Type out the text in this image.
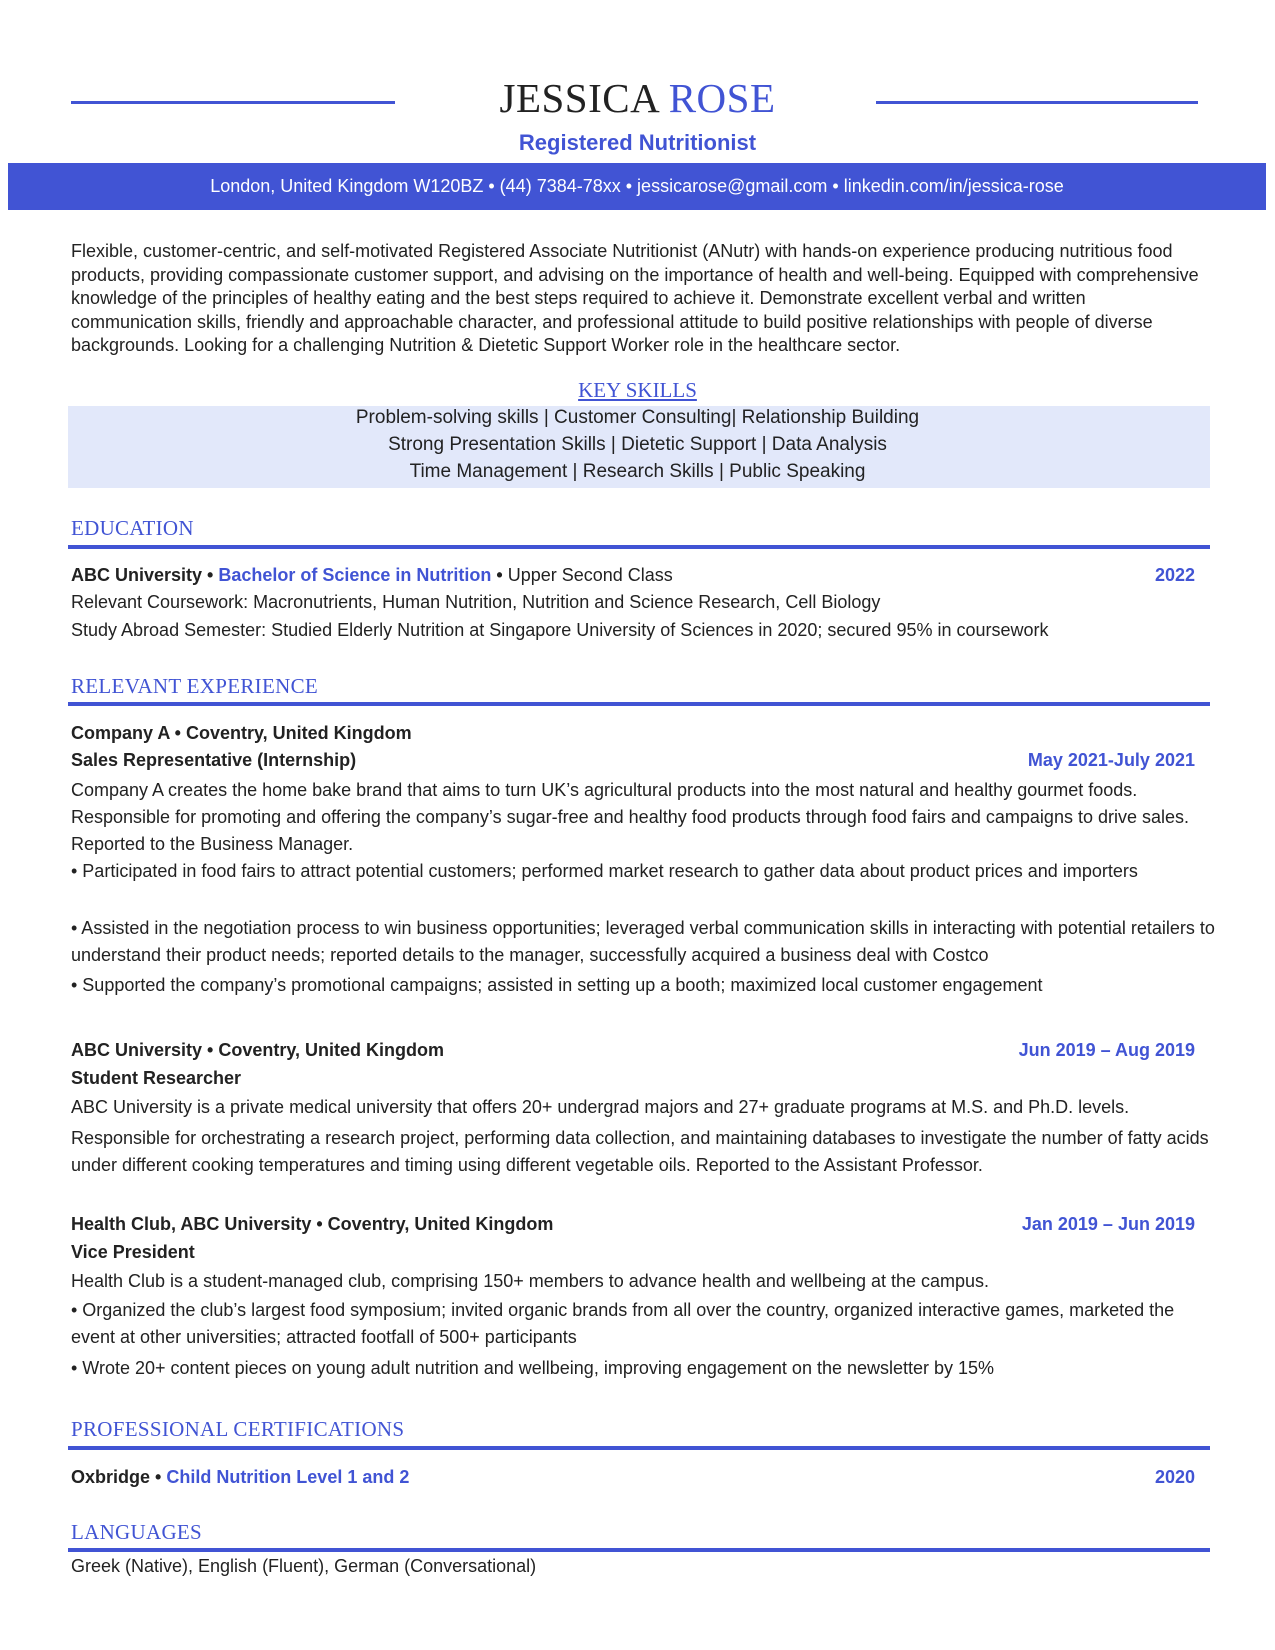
JESSICA ROSE
Registered Nutritionist
London, United Kingdom W120BZ • (44) 7384-78xx • jessicarose@gmail.com • linkedin.com/in/jessica-rose
Flexible, customer-centric, and self-motivated Registered Associate Nutritionist (ANutr) with hands-on experience producing nutritious food products, providing compassionate customer support, and advising on the importance of health and well-being. Equipped with comprehensive knowledge of the principles of healthy eating and the best steps required to achieve it. Demonstrate excellent verbal and written communication skills, friendly and approachable character, and professional attitude to build positive relationships with people of diverse backgrounds. Looking for a challenging Nutrition & Dietetic Support Worker role in the healthcare sector.
KEY SKILLS
Problem-solving skills | Customer Consulting| Relationship Building
Strong Presentation Skills | Dietetic Support | Data Analysis
Time Management | Research Skills | Public Speaking
EDUCATION
ABC University • Bachelor of Science in Nutrition • Upper Second Class	2022
Relevant Coursework: Macronutrients, Human Nutrition, Nutrition and Science Research, Cell Biology
Study Abroad Semester: Studied Elderly Nutrition at Singapore University of Sciences in 2020; secured 95% in coursework
RELEVANT EXPERIENCE
Company A • Coventry, United Kingdom
Sales Representative (Internship)	May 2021-July 2021
Company A creates the home bake brand that aims to turn UK’s agricultural products into the most natural and healthy gourmet foods. Responsible for promoting and offering the company’s sugar-free and healthy food products through food fairs and campaigns to drive sales. Reported to the Business Manager.
• Participated in food fairs to attract potential customers; performed market research to gather data about product prices and importers
• Assisted in the negotiation process to win business opportunities; leveraged verbal communication skills in interacting with potential retailers to understand their product needs; reported details to the manager, successfully acquired a business deal with Costco
• Supported the company’s promotional campaigns; assisted in setting up a booth; maximized local customer engagement
ABC University • Coventry, United Kingdom	Jun 2019 – Aug 2019
Student Researcher
ABC University is a private medical university that offers 20+ undergrad majors and 27+ graduate programs at M.S. and Ph.D. levels.
Responsible for orchestrating a research project, performing data collection, and maintaining databases to investigate the number of fatty acids under different cooking temperatures and timing using different vegetable oils. Reported to the Assistant Professor.
Health Club, ABC University • Coventry, United Kingdom	Jan 2019 – Jun 2019
Vice President
Health Club is a student-managed club, comprising 150+ members to advance health and wellbeing at the campus.
• Organized the club’s largest food symposium; invited organic brands from all over the country, organized interactive games, marketed the event at other universities; attracted footfall of 500+ participants
• Wrote 20+ content pieces on young adult nutrition and wellbeing, improving engagement on the newsletter by 15%
PROFESSIONAL CERTIFICATIONS
Oxbridge • Child Nutrition Level 1 and 2	2020
LANGUAGES
Greek (Native), English (Fluent), German (Conversational)
